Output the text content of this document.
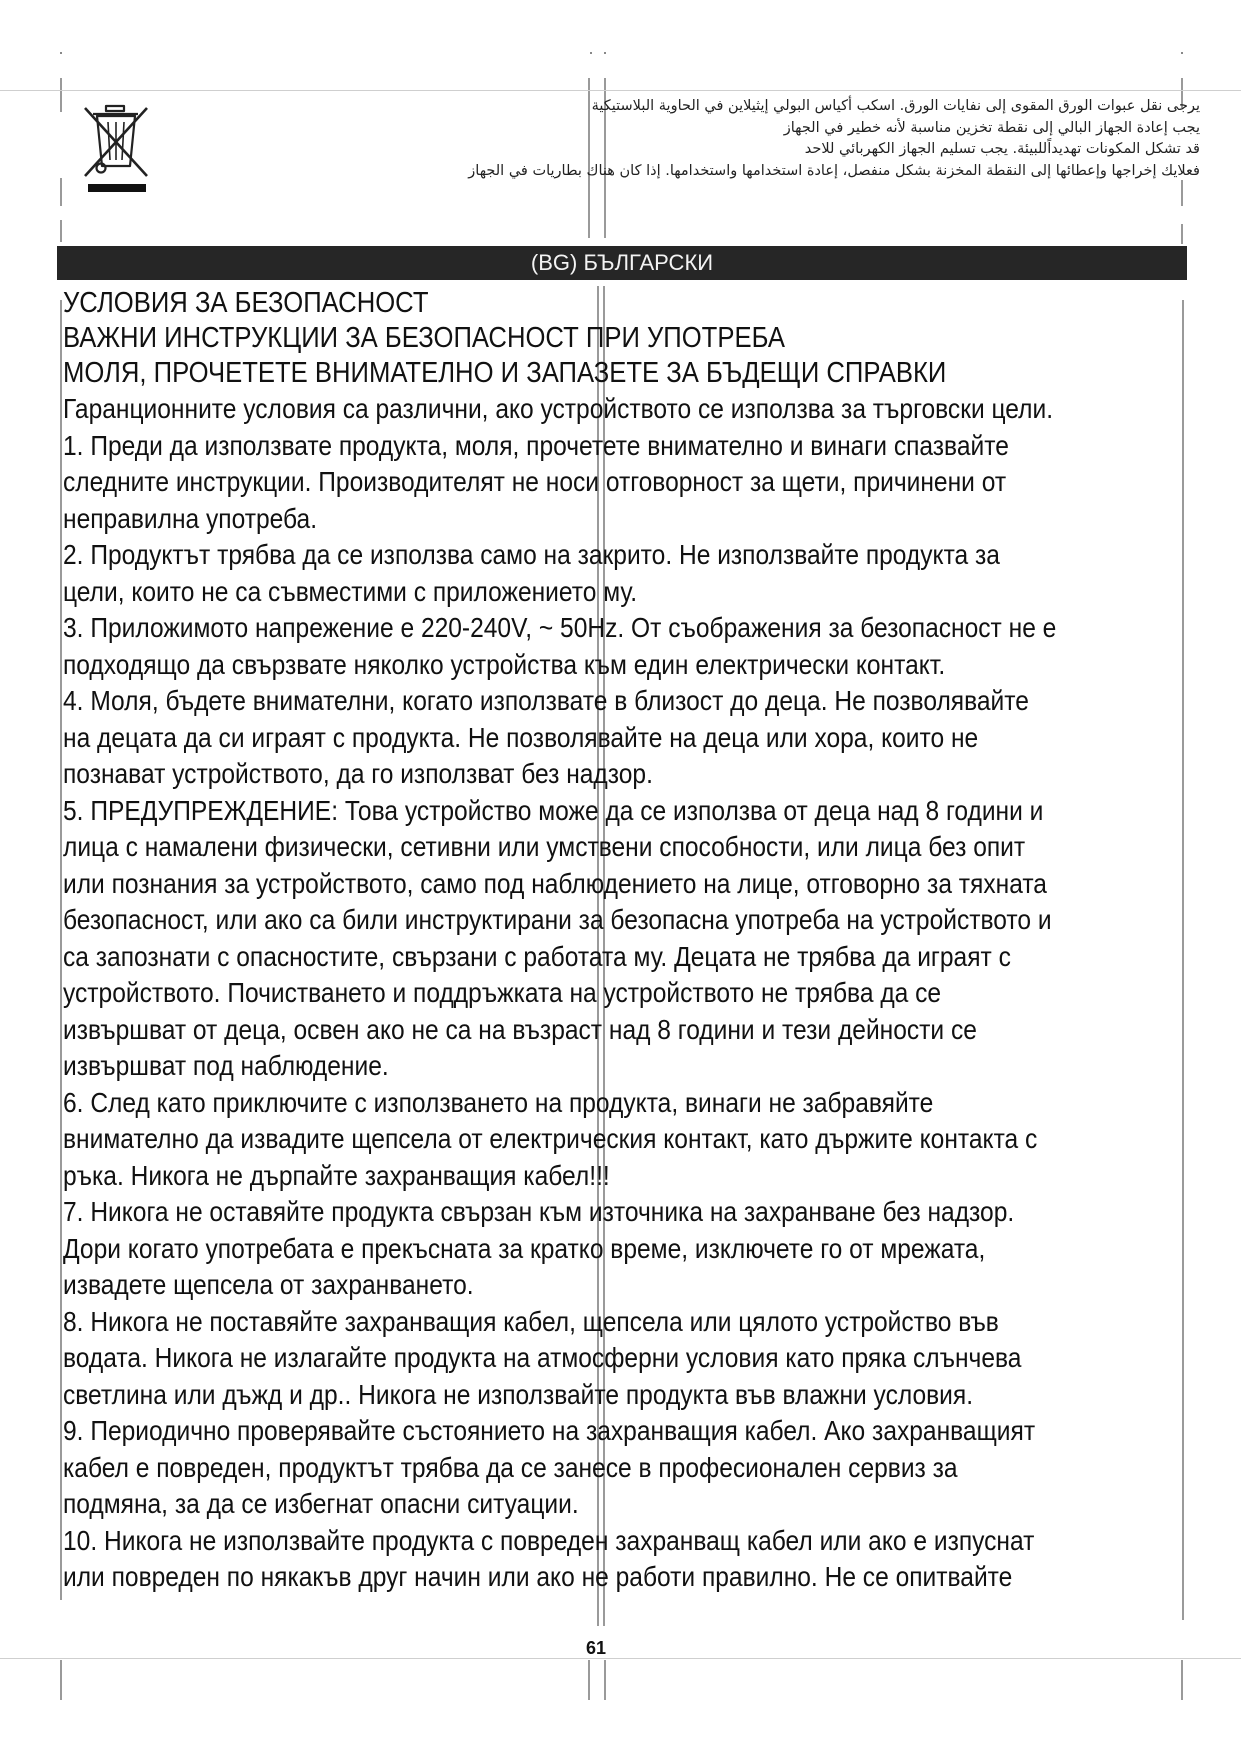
يرجى نقل عبوات الورق المقوى إلى نفايات الورق. اسكب أكياس البولي إيثيلاين في الحاوية البلاستيكية
يجب إعادة الجهاز البالي إلى نقطة تخزين مناسبة لأنه خطير في الجهاز
قد تشكل المكونات تهديداًللبيئة. يجب تسليم الجهاز الكهربائي للاحد
فعلايك إخراجها وإعطائها إلى النقطة المخزنة بشكل منفصل، إعادة استخدامها واستخدامها. إذا كان هناك بطاريات في الجهاز
(BG) БЪЛГАРСКИ
УСЛОВИЯ ЗА БЕЗОПАСНОСТ
ВАЖНИ ИНСТРУКЦИИ ЗА БЕЗОПАСНОСТ ПРИ УПОТРЕБА
МОЛЯ, ПРОЧЕТЕТЕ ВНИМАТЕЛНО И ЗАПАЗЕТЕ ЗА БЪДЕЩИ СПРАВКИ
Гаранционните условия са различни, ако устройството се използва за търговски цели.
1. Преди да използвате продукта, моля, прочетете внимателно и винаги спазвайте
следните инструкции. Производителят не носи отговорност за щети, причинени от
неправилна употреба.
2. Продуктът трябва да се използва само на закрито. Не използвайте продукта за
цели, които не са съвместими с приложението му.
3. Приложимото напрежение е 220-240V, ~ 50Hz. От съображения за безопасност не е
подходящо да свързвате няколко устройства към един електрически контакт.
4. Моля, бъдете внимателни, когато използвате в близост до деца. Не позволявайте
на децата да си играят с продукта. Не позволявайте на деца или хора, които не
познават устройството, да го използват без надзор.
5. ПРЕДУПРЕЖДЕНИЕ: Това устройство може да се използва от деца над 8 години и
лица с намалени физически, сетивни или умствени способности, или лица без опит
или познания за устройството, само под наблюдението на лице, отговорно за тяхната
безопасност, или ако са били инструктирани за безопасна употреба на устройството и
са запознати с опасностите, свързани с работата му. Децата не трябва да играят с
устройството. Почистването и поддръжката на устройството не трябва да се
извършват от деца, освен ако не са на възраст над 8 години и тези дейности се
извършват под наблюдение.
6. След като приключите с използването на продукта, винаги не забравяйте
внимателно да извадите щепсела от електрическия контакт, като държите контакта с
ръка. Никога не дърпайте захранващия кабел!!!
7. Никога не оставяйте продукта свързан към източника на захранване без надзор.
Дори когато употребата е прекъсната за кратко време, изключете го от мрежата,
извадете щепсела от захранването.
8. Никога не поставяйте захранващия кабел, щепсела или цялото устройство във
водата. Никога не излагайте продукта на атмосферни условия като пряка слънчева
светлина или дъжд и др.. Никога не използвайте продукта във влажни условия.
9. Периодично проверявайте състоянието на захранващия кабел. Ако захранващият
кабел е повреден, продуктът трябва да се занесе в професионален сервиз за
подмяна, за да се избегнат опасни ситуации.
10. Никога не използвайте продукта с повреден захранващ кабел или ако е изпуснат
или повреден по някакъв друг начин или ако не работи правилно. Не се опитвайте
61
